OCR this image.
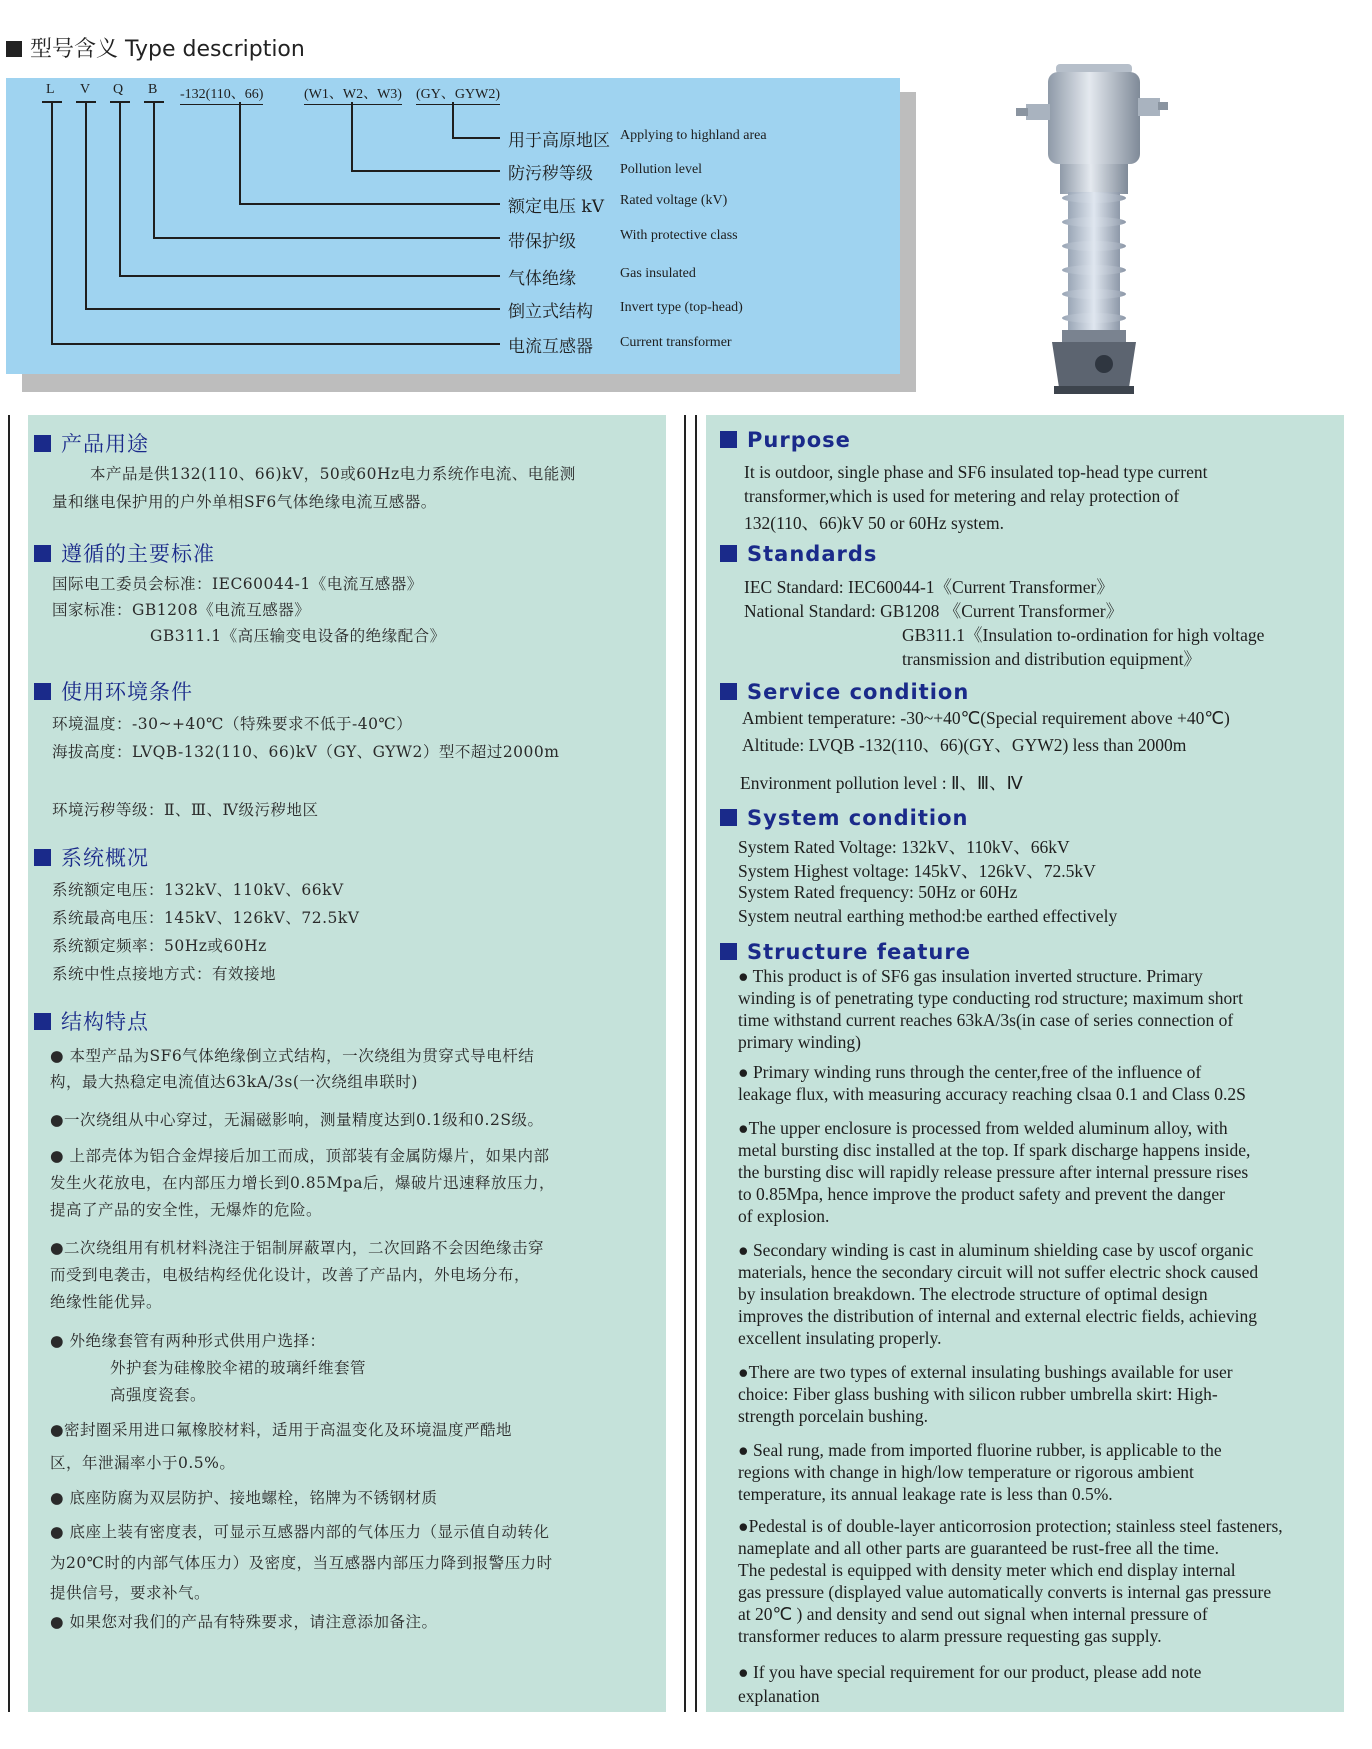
型号含义 Type description
L V Q B -132(110、66)	(W1、W2、W3) (GY、GYW2)
用于高原地区 Applying to highland area
防污秽等级 Pollution level
额定电压 kV Rated voltage (kV)
带保护级	With protective class
气体绝缘	Gas insulated
倒立式结构 Invert type (top-head)
电流互感器 Current transformer
产品用途
本产品是供132(110、66)kV，50或60Hz电力系统作电流、电能测
量和继电保护用的户外单相SF6气体绝缘电流互感器。
遵循的主要标准
国际电工委员会标准：IEC60044-1《电流互感器》
国家标准：GB1208《电流互感器》
GB311.1《高压输变电设备的绝缘配合》
使用环境条件
环境温度：-30~+40℃（特殊要求不低于-40℃）
海拔高度：LVQB-132(110、66)kV（GY、GYW2）型不超过2000m
环境污秽等级：Ⅱ、Ⅲ、Ⅳ级污秽地区
系统概况
系统额定电压：132kV、110kV、66kV
系统最高电压：145kV、126kV、72.5kV
系统额定频率：50Hz或60Hz
系统中性点接地方式：有效接地
结构特点
● 本型产品为SF6气体绝缘倒立式结构，一次绕组为贯穿式导电杆结
构，最大热稳定电流值达63kA/3s(一次绕组串联时)
●一次绕组从中心穿过，无漏磁影响，测量精度达到0.1级和0.2S级。
● 上部壳体为铝合金焊接后加工而成，顶部装有金属防爆片，如果内部
发生火花放电，在内部压力增长到0.85Mpa后，爆破片迅速释放压力，
提高了产品的安全性，无爆炸的危险。
●二次绕组用有机材料浇注于铝制屏蔽罩内，二次回路不会因绝缘击穿
而受到电袭击，电极结构经优化设计，改善了产品内，外电场分布，
绝缘性能优异。
● 外绝缘套管有两种形式供用户选择：
外护套为硅橡胶伞裙的玻璃纤维套管
高强度瓷套。
●密封圈采用进口氟橡胶材料，适用于高温变化及环境温度严酷地
区，年泄漏率小于0.5%。
● 底座防腐为双层防护、接地螺栓，铭牌为不锈钢材质
● 底座上装有密度表，可显示互感器内部的气体压力（显示值自动转化
为20℃时的内部气体压力）及密度，当互感器内部压力降到报警压力时
提供信号，要求补气。
● 如果您对我们的产品有特殊要求，请注意添加备注。
Purpose
It is outdoor, single phase and SF6 insulated top-head type current
transformer,which is used for metering and relay protection of
132(110、66)kV 50 or 60Hz system.
Standards
IEC Standard: IEC60044-1《Current Transformer》
National Standard: GB1208 《Current Transformer》
GB311.1《Insulation to-ordination for high voltage
transmission and distribution equipment》
Service condition
Ambient temperature: -30~+40℃(Special requirement above +40℃)
Altitude: LVQB -132(110、66)(GY、GYW2) less than 2000m
Environment pollution level : Ⅱ、Ⅲ、Ⅳ
System condition
System Rated Voltage: 132kV、110kV、66kV
System Highest voltage: 145kV、126kV、72.5kV
System Rated frequency: 50Hz or 60Hz
System neutral earthing method:be earthed effectively
Structure feature
● This product is of SF6 gas insulation inverted structure. Primary
winding is of penetrating type conducting rod structure; maximum short
time withstand current reaches 63kA/3s(in case of series connection of
primary winding)
● Primary winding runs through the center,free of the influence of
leakage flux, with measuring accuracy reaching clsaa 0.1 and Class 0.2S
●The upper enclosure is processed from welded aluminum alloy, with
metal bursting disc installed at the top. If spark discharge happens inside,
the bursting disc will rapidly release pressure after internal pressure rises
to 0.85Mpa, hence improve the product safety and prevent the danger
of explosion.
● Secondary winding is cast in aluminum shielding case by uscof organic
materials, hence the secondary circuit will not suffer electric shock caused
by insulation breakdown. The electrode structure of optimal design
improves the distribution of internal and external electric fields, achieving
excellent insulating properly.
●There are two types of external insulating bushings available for user
choice: Fiber glass bushing with silicon rubber umbrella skirt: High-
strength porcelain bushing.
● Seal rung, made from imported fluorine rubber, is applicable to the
regions with change in high/low temperature or rigorous ambient
temperature, its annual leakage rate is less than 0.5%.
●Pedestal is of double-layer anticorrosion protection; stainless steel fasteners,
nameplate and all other parts are guaranteed be rust-free all the time.
The pedestal is equipped with density meter which end display internal
gas pressure (displayed value automatically converts is internal gas pressure
at 20℃ ) and density and send out signal when internal pressure of
transformer reduces to alarm pressure requesting gas supply.
● If you have special requirement for our product, please add note
explanation
